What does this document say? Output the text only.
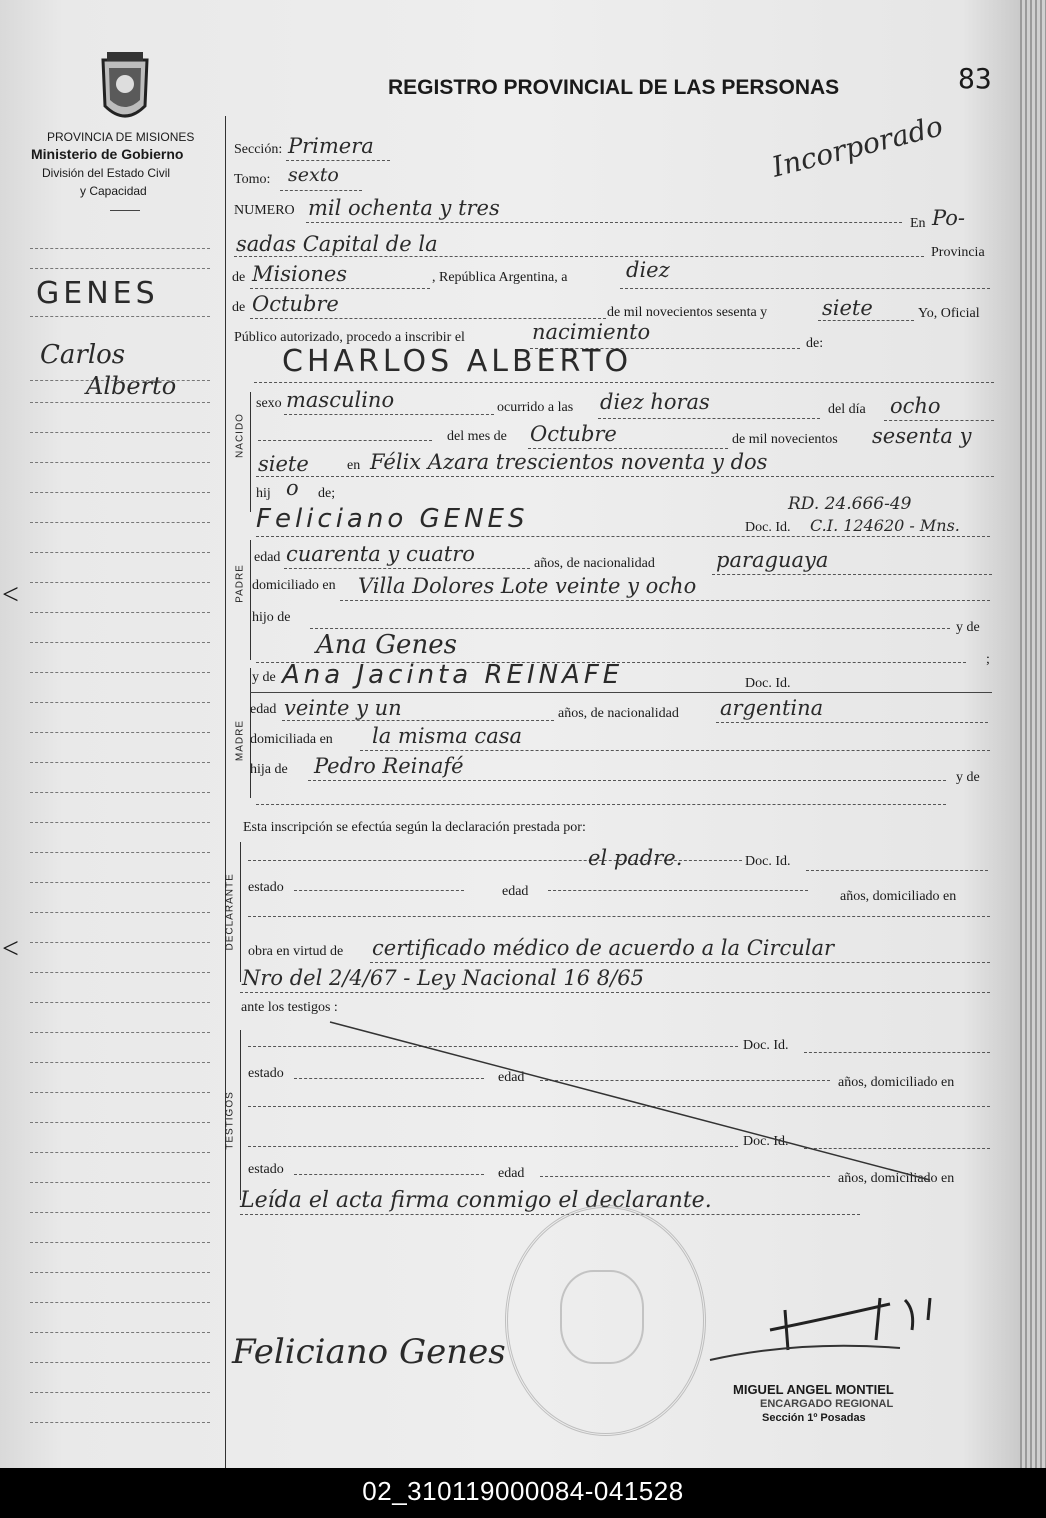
PROVINCIA DE MISIONES
Ministerio de Gobierno
División del Estado Civil
y Capacidad
REGISTRO PROVINCIAL DE LAS PERSONAS	83
Incorporado
GENES
Carlos
Alberto
<
<
NACIDO
PADRE
MADRE
DECLARANTE
TESTIGOS
Sección: Primera
Tomo: sexto
NUMERO mil ochenta y tres
En Po-
sadas Capital de la	Provincia
de Misiones	, República Argentina, a	diez
de Octubre	de mil novecientos sesenta y	siete	Yo, Oficial
Público autorizado, procedo a inscribir el	nacimiento	de:
CHARLOS ALBERTO
sexo masculino	ocurrido a las diez horas	del día ocho
del mes de Octubre	de mil novecientos sesenta y
siete	en Félix Azara trescientos noventa y dos
hij o de;
RD. 24.666-49
Feliciano GENES	Doc. Id. C.I. 124620 - Mns.
edad cuarenta y cuatro	años, de nacionalidad	paraguaya
domiciliado en Villa Dolores Lote veinte y ocho
hijo de
y de
Ana Genes	;
y de Ana Jacinta REINAFE	Doc. Id.
edad veinte y un	años, de nacionalidad argentina
domiciliada en la misma casa
hija de Pedro Reinafé	y de
Esta inscripción se efectúa según la declaración prestada por:
el padre.	Doc. Id.
estado	edad	años, domiciliado en
obra en virtud de certificado médico de acuerdo a la Circular
Nro del 2/4/67 - Ley Nacional 16 8/65
ante los testigos :
Doc. Id.
estado	edad	años, domiciliado en
Doc. Id.
estado	edad	años, domiciliado en
Leída el acta firma conmigo el declarante.
Feliciano Genes
MIGUEL ANGEL MONTIEL
ENCARGADO REGIONAL
Sección 1º Posadas
02_310119000084-041528
